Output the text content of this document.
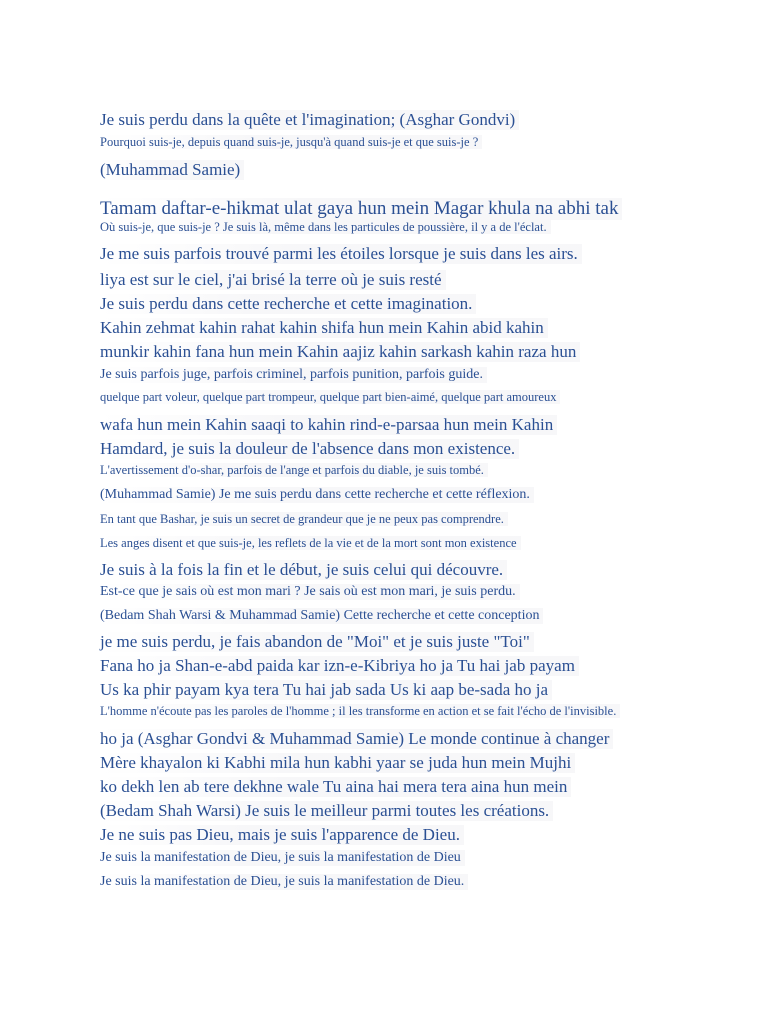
Je suis perdu dans la quête et l'imagination; (Asghar Gondvi)
Pourquoi suis-je, depuis quand suis-je, jusqu'à quand suis-je et que suis-je ?
(Muhammad Samie)
Tamam daftar-e-hikmat ulat gaya hun mein Magar khula na abhi tak
Où suis-je, que suis-je ? Je suis là, même dans les particules de poussière, il y a de l'éclat.
Je me suis parfois trouvé parmi les étoiles lorsque je suis dans les airs.
liya est sur le ciel, j'ai brisé la terre où je suis resté
Je suis perdu dans cette recherche et cette imagination.
Kahin zehmat kahin rahat kahin shifa hun mein Kahin abid kahin
munkir kahin fana hun mein Kahin aajiz kahin sarkash kahin raza hun
Je suis parfois juge, parfois criminel, parfois punition, parfois guide.
quelque part voleur, quelque part trompeur, quelque part bien-aimé, quelque part amoureux
wafa hun mein Kahin saaqi to kahin rind-e-parsaa hun mein Kahin
Hamdard, je suis la douleur de l'absence dans mon existence.
L'avertissement d'o-shar, parfois de l'ange et parfois du diable, je suis tombé.
(Muhammad Samie) Je me suis perdu dans cette recherche et cette réflexion.
En tant que Bashar, je suis un secret de grandeur que je ne peux pas comprendre.
Les anges disent et que suis-je, les reflets de la vie et de la mort sont mon existence
Je suis à la fois la fin et le début, je suis celui qui découvre.
Est-ce que je sais où est mon mari ? Je sais où est mon mari, je suis perdu.
(Bedam Shah Warsi & Muhammad Samie) Cette recherche et cette conception
je me suis perdu, je fais abandon de "Moi" et je suis juste "Toi"
Fana ho ja Shan-e-abd paida kar izn-e-Kibriya ho ja Tu hai jab payam
Us ka phir payam kya tera Tu hai jab sada Us ki aap be-sada ho ja
L'homme n'écoute pas les paroles de l'homme ; il les transforme en action et se fait l'écho de l'invisible.
ho ja (Asghar Gondvi & Muhammad Samie) Le monde continue à changer
Mère khayalon ki Kabhi mila hun kabhi yaar se juda hun mein Mujhi
ko dekh len ab tere dekhne wale Tu aina hai mera tera aina hun mein
(Bedam Shah Warsi) Je suis le meilleur parmi toutes les créations.
Je ne suis pas Dieu, mais je suis l'apparence de Dieu.
Je suis la manifestation de Dieu, je suis la manifestation de Dieu
Je suis la manifestation de Dieu, je suis la manifestation de Dieu.
